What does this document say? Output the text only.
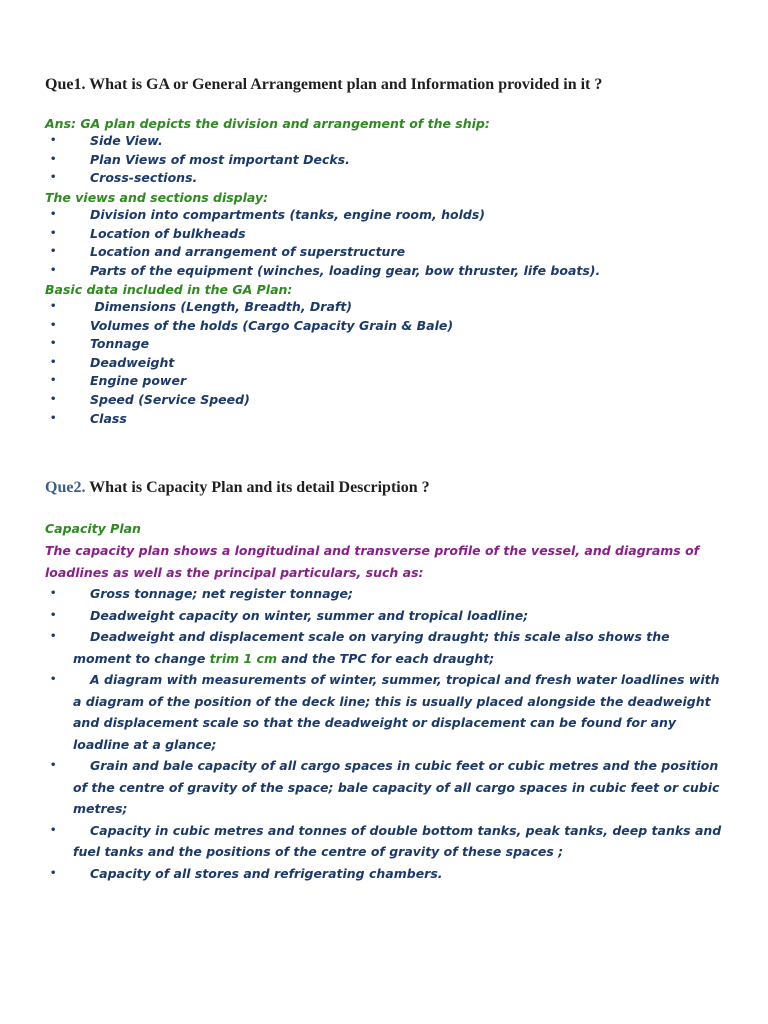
Que1. What is GA or General Arrangement plan and Information provided in it ?
Ans: GA plan depicts the division and arrangement of the ship:
•	Side View.
•	Plan Views of most important Decks.
•	Cross-sections.
The views and sections display:
•	Division into compartments (tanks, engine room, holds)
•	Location of bulkheads
•	Location and arrangement of superstructure
•	Parts of the equipment (winches, loading gear, bow thruster, life boats).
Basic data included in the GA Plan:
•	Dimensions (Length, Breadth, Draft)
•	Volumes of the holds (Cargo Capacity Grain & Bale)
•	Tonnage
•	Deadweight
•	Engine power
•	Speed (Service Speed)
•	Class
Que2. What is Capacity Plan and its detail Description ?
Capacity Plan
The capacity plan shows a longitudinal and transverse profile of the vessel, and diagrams of loadlines as well as the principal particulars, such as:
•	Gross tonnage; net register tonnage;
•	Deadweight capacity on winter, summer and tropical loadline;
•	Deadweight and displacement scale on varying draught; this scale also shows the moment to change trim 1 cm and the TPC for each draught;
•	A diagram with measurements of winter, summer, tropical and fresh water loadlines with a diagram of the position of the deck line; this is usually placed alongside the deadweight and displacement scale so that the deadweight or displacement can be found for any loadline at a glance;
•	Grain and bale capacity of all cargo spaces in cubic feet or cubic metres and the position of the centre of gravity of the space; bale capacity of all cargo spaces in cubic feet or cubic metres;
•	Capacity in cubic metres and tonnes of double bottom tanks, peak tanks, deep tanks and fuel tanks and the positions of the centre of gravity of these spaces ;
•	Capacity of all stores and refrigerating chambers.
